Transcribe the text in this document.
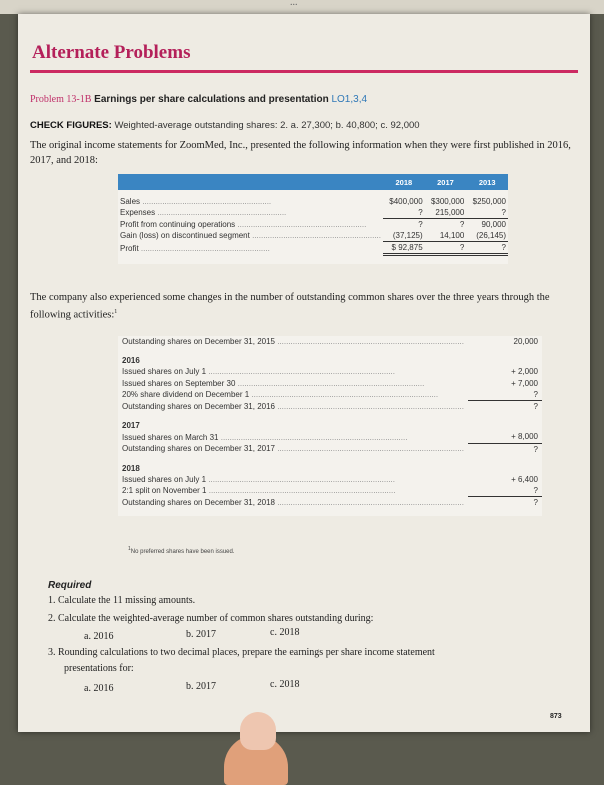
...
Alternate Problems
Problem 13-1B Earnings per share calculations and presentation LO1,3,4
CHECK FIGURES: Weighted-average outstanding shares: 2. a. 27,300; b. 40,800; c. 92,000
The original income statements for ZoomMed, Inc., presented the following information when they were first published in 2016, 2017, and 2018:
	2018	2017	2013

Sales ..........................................................	$400,000	$300,000	$250,000
Expenses ..........................................................	?	215,000	?
Profit from continuing operations ..........................................................	?	?	90,000
Gain (loss) on discontinued segment ..........................................................	(37,125)	14,100	(26,145)
Profit ..........................................................	$ 92,875	?	?

The company also experienced some changes in the number of outstanding common shares over the three years through the following activities:$^1$
Outstanding shares on December 31, 2015 ....................................................................................	20,000

2016	
Issued shares on July 1 ....................................................................................	+ 2,000
Issued shares on September 30 ....................................................................................	+ 7,000
20% share dividend on December 1 ....................................................................................	?
Outstanding shares on December 31, 2016 ....................................................................................	?

2017	
Issued shares on March 31 ....................................................................................	+ 8,000
Outstanding shares on December 31, 2017 ....................................................................................	?

2018	
Issued shares on July 1 ....................................................................................	+ 6,400
2:1 split on November 1 ....................................................................................	?
Outstanding shares on December 31, 2018 ....................................................................................	?

$^1$No preferred shares have been issued.
Required
1. Calculate the 11 missing amounts.
2. Calculate the weighted-average number of common shares outstanding during:
a. 2016	b. 2017	c. 2018
3. Rounding calculations to two decimal places, prepare the earnings per share income statement
presentations for:
a. 2016	b. 2017	c. 2018
873
